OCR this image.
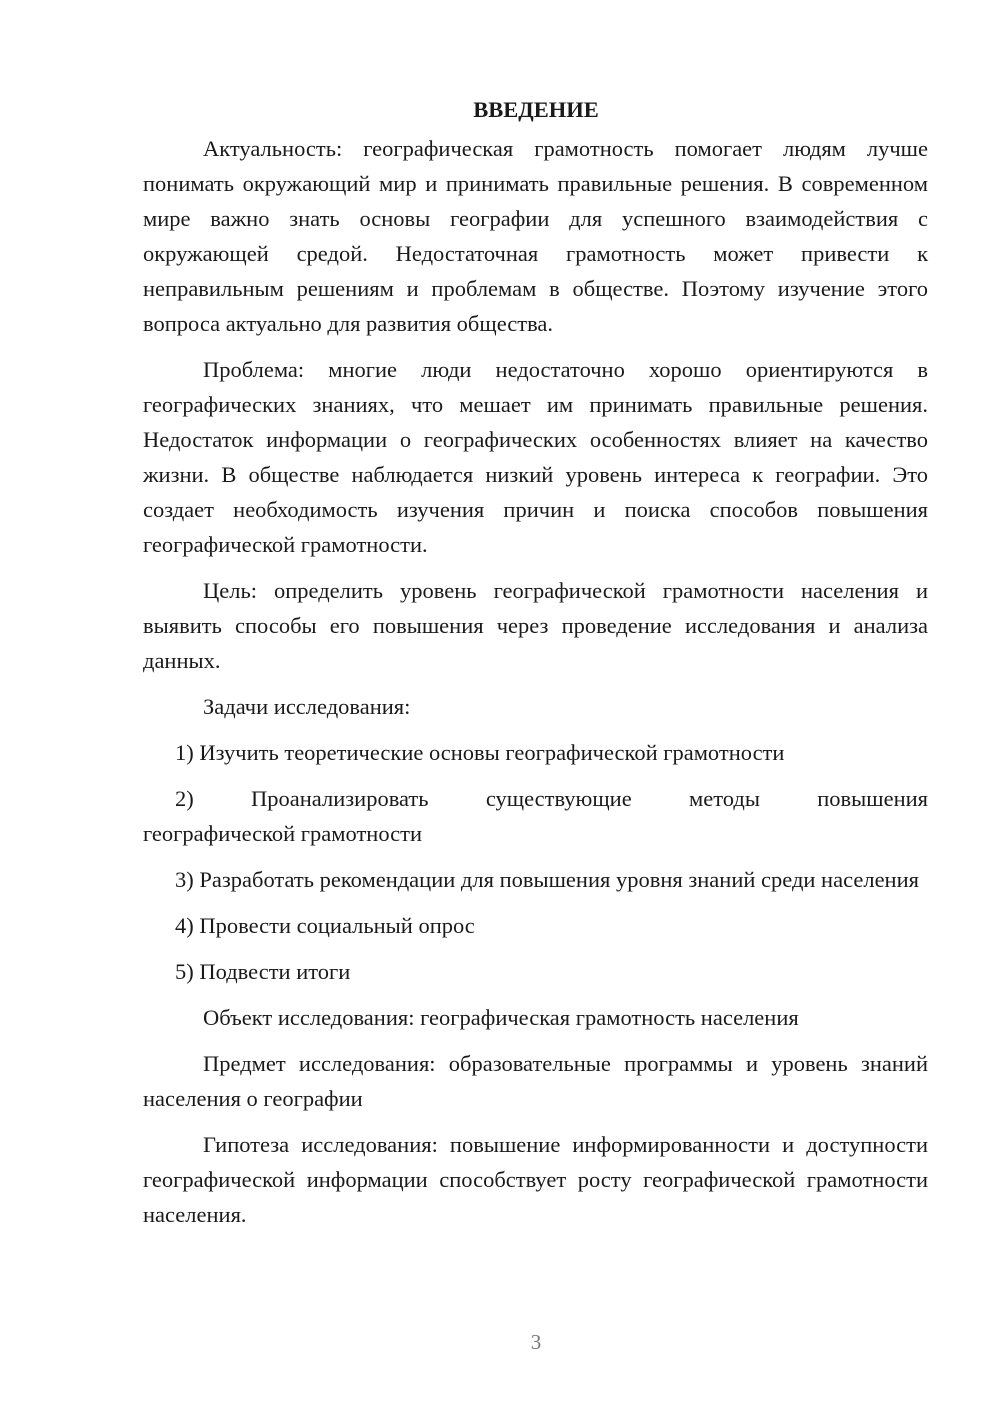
ВВЕДЕНИЕ

Актуальность: географическая грамотность помогает людям лучше понимать окружающий мир и принимать правильные решения. В современном мире важно знать основы географии для успешного взаимодействия с окружающей средой. Недостаточная грамотность может привести к неправильным решениям и проблемам в обществе. Поэтому изучение этого вопроса актуально для развития общества.

Проблема: многие люди недостаточно хорошо ориентируются в географических знаниях, что мешает им принимать правильные решения. Недостаток информации о географических особенностях влияет на качество жизни. В обществе наблюдается низкий уровень интереса к географии. Это создает необходимость изучения причин и поиска способов повышения географической грамотности.

Цель: определить уровень географической грамотности населения и выявить способы его повышения через проведение исследования и анализа данных.

Задачи исследования:

1) Изучить теоретические основы географической грамотности

2) Проанализировать существующие методы повышения

географической грамотности

3) Разработать рекомендации для повышения уровня знаний среди населения

4) Провести социальный опрос

5) Подвести итоги

Объект исследования: географическая грамотность населения

Предмет исследования: образовательные программы и уровень знаний населения о географии

Гипотеза исследования: повышение информированности и доступности географической информации способствует росту географической грамотности населения.

3
